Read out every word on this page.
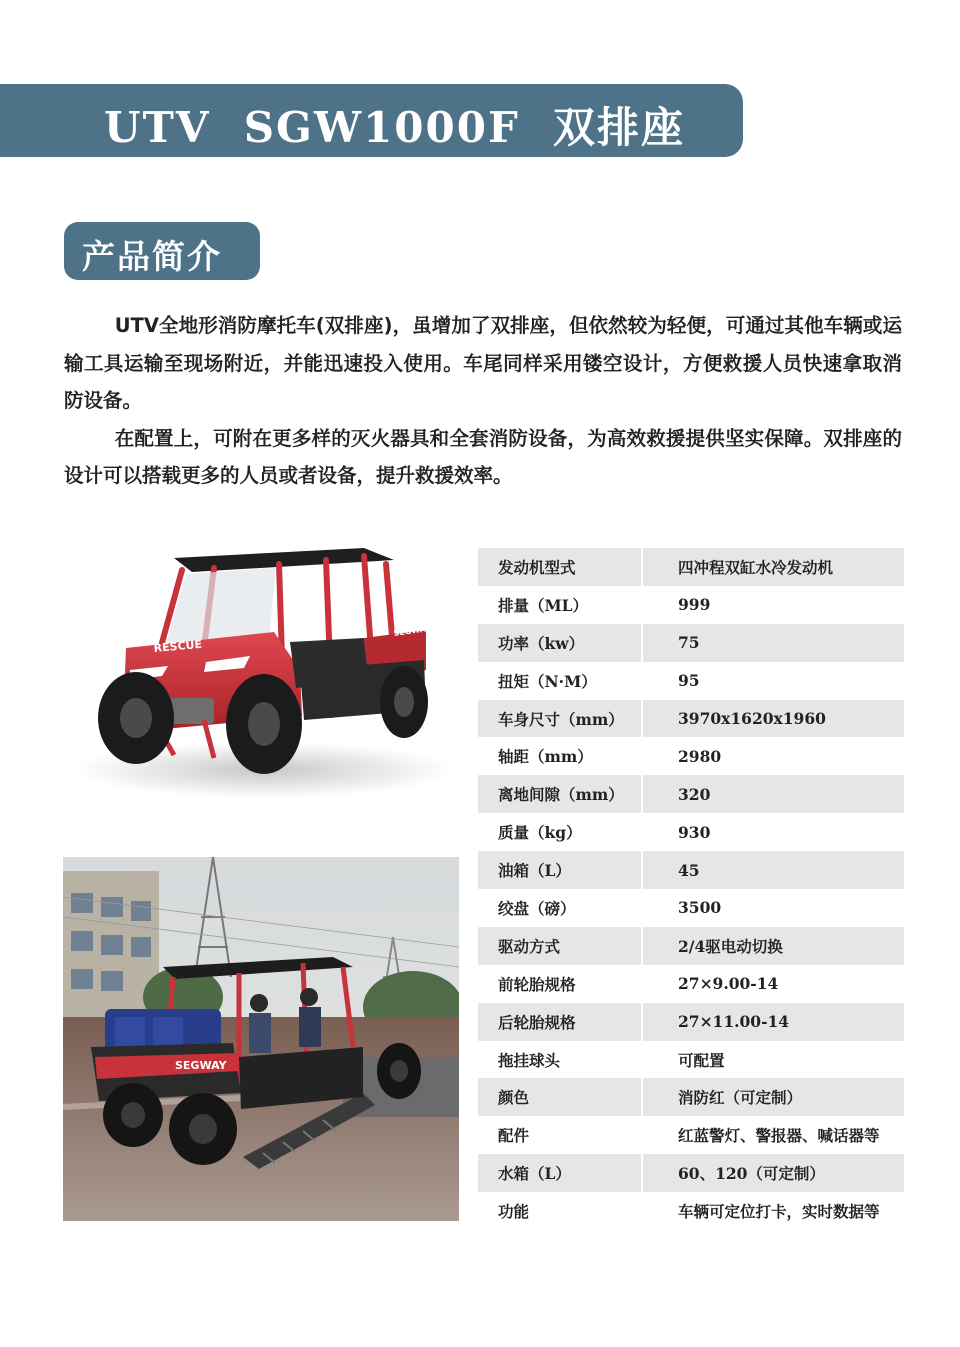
UTV  SGW1000F  双排座
产品简介

UTV全地形消防摩托车(双排座)，虽增加了双排座，但依然较为轻便，可通过其他车辆或运输工具运输至现场附近，并能迅速投入使用。车尾同样采用镂空设计，方便救援人员快速拿取消防设备。

在配置上，可附在更多样的灭火器具和全套消防设备，为高效救援提供坚实保障。双排座的设计可以搭载更多的人员或者设备，提升救援效率。

RESCUE
SEGWAY
SEGWAY
发动机型式	四冲程双缸水冷发动机
排量（ML）	999
功率（kw）	75
扭矩（N·M）	95
车身尺寸（mm）	3970x1620x1960
轴距（mm）	2980
离地间隙（mm）	320
质量（kg）	930
油箱（L）	45
绞盘（磅）	3500
驱动方式	2/4驱电动切换
前轮胎规格	27×9.00-14
后轮胎规格	27×11.00-14
拖挂球头	可配置
颜色	消防红（可定制）
配件	红蓝警灯、警报器、喊话器等
水箱（L）	60、120（可定制）
功能	车辆可定位打卡，实时数据等
